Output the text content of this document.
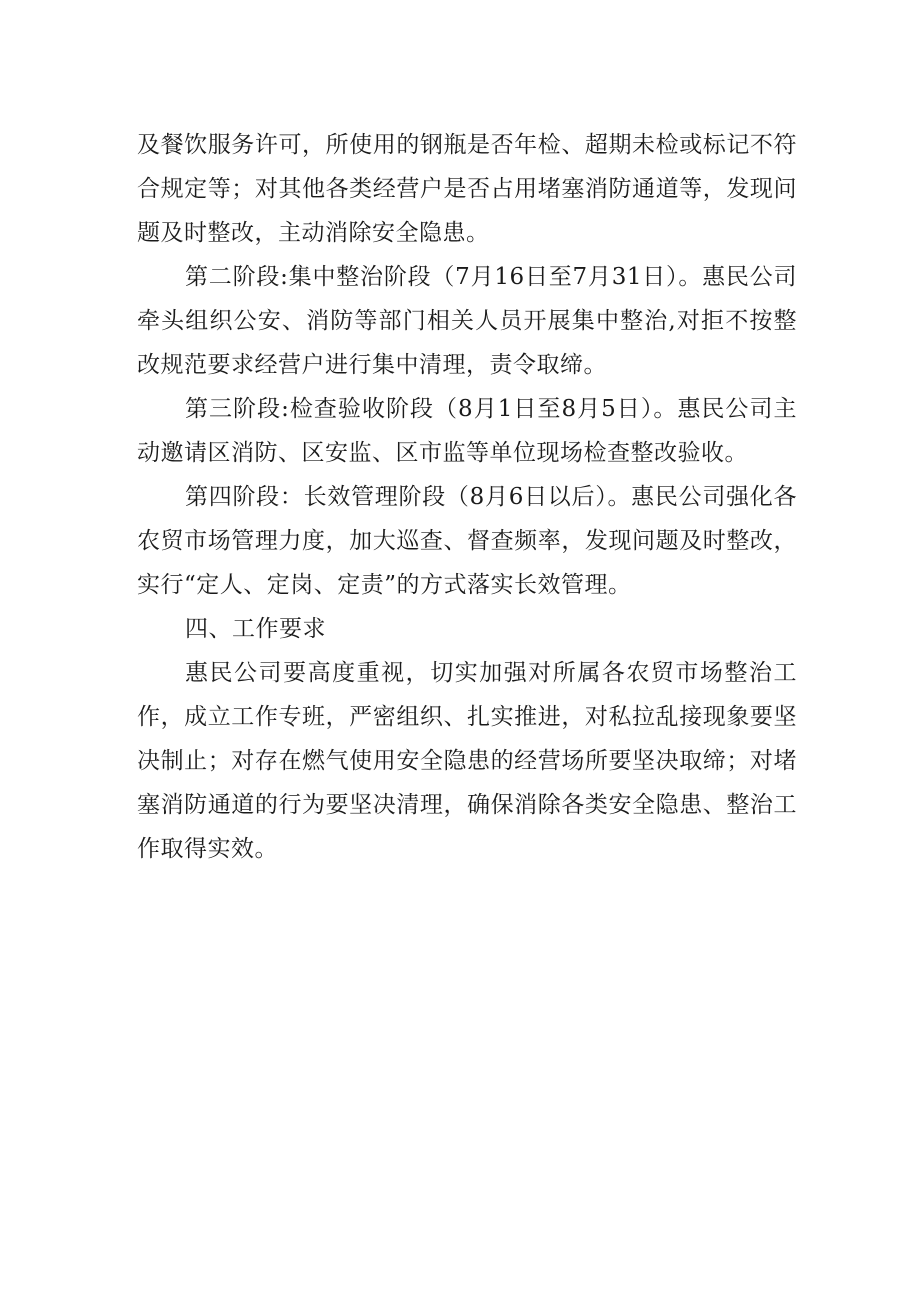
及餐饮服务许可，所使用的钢瓶是否年检、超期未检或标记不符合规定等；对其他各类经营户是否占用堵塞消防通道等，发现问题及时整改，主动消除安全隐患。

第二阶段:集中整治阶段（7月16日至7月31日）。惠民公司牵头组织公安、消防等部门相关人员开展集中整治,对拒不按整改规范要求经营户进行集中清理，责令取缔。

第三阶段:检查验收阶段（8月1日至8月5日）。惠民公司主动邀请区消防、区安监、区市监等单位现场检查整改验收。

第四阶段：长效管理阶段（8月6日以后）。惠民公司强化各农贸市场管理力度，加大巡查、督查频率，发现问题及时整改，实行“定人、定岗、定责”的方式落实长效管理。

四、工作要求

惠民公司要高度重视，切实加强对所属各农贸市场整治工作，成立工作专班，严密组织、扎实推进，对私拉乱接现象要坚决制止；对存在燃气使用安全隐患的经营场所要坚决取缔；对堵塞消防通道的行为要坚决清理，确保消除各类安全隐患、整治工作取得实效。
